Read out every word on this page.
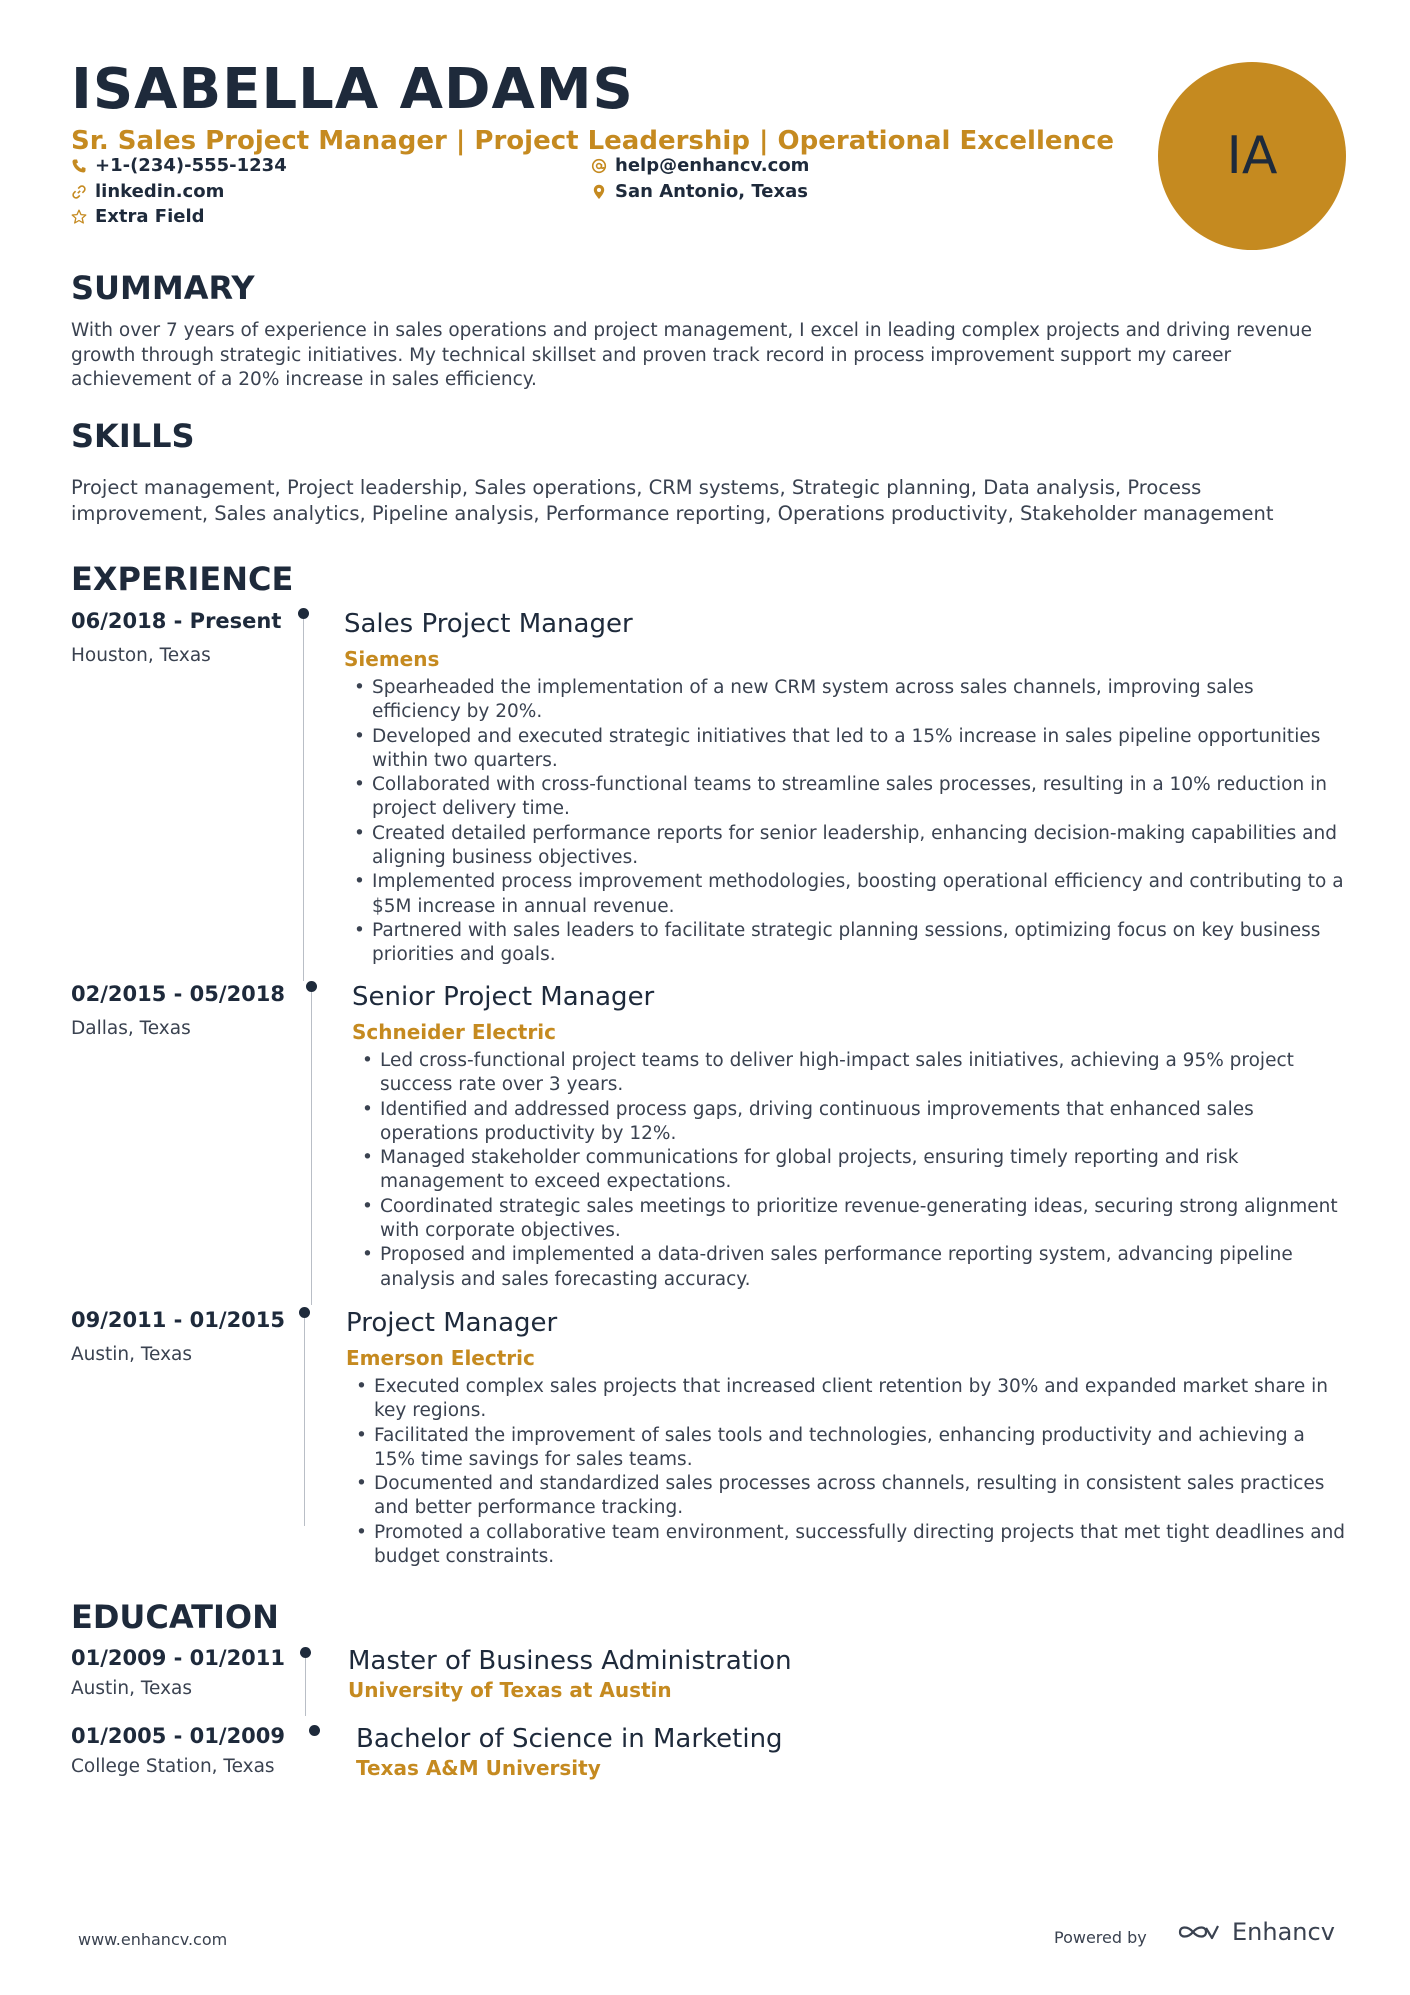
ISABELLA ADAMS
Sr. Sales Project Manager | Project Leadership | Operational Excellence
+1-(234)-555-1234	help@enhancv.com
linkedin.com	San Antonio, Texas
Extra Field
IA
SUMMARY

With over 7 years of experience in sales operations and project management, I excel in leading complex projects and driving revenue growth through strategic initiatives. My technical skillset and proven track record in process improvement support my career achievement of a 20% increase in sales efficiency.

SKILLS

Project management, Project leadership, Sales operations, CRM systems, Strategic planning, Data analysis, Process improvement, Sales analytics, Pipeline analysis, Performance reporting, Operations productivity, Stakeholder management

EXPERIENCE
06/2018 - Present
Houston, Texas
Sales Project Manager
Siemens
• Spearheaded the implementation of a new CRM system across sales channels, improving sales efficiency by 20%.
• Developed and executed strategic initiatives that led to a 15% increase in sales pipeline opportunities within two quarters.
• Collaborated with cross-functional teams to streamline sales processes, resulting in a 10% reduction in project delivery time.
• Created detailed performance reports for senior leadership, enhancing decision-making capabilities and aligning business objectives.
• Implemented process improvement methodologies, boosting operational efficiency and contributing to a $5M increase in annual revenue.
• Partnered with sales leaders to facilitate strategic planning sessions, optimizing focus on key business priorities and goals.
02/2015 - 05/2018
Dallas, Texas
Senior Project Manager
Schneider Electric
• Led cross-functional project teams to deliver high-impact sales initiatives, achieving a 95% project success rate over 3 years.
• Identified and addressed process gaps, driving continuous improvements that enhanced sales operations productivity by 12%.
• Managed stakeholder communications for global projects, ensuring timely reporting and risk management to exceed expectations.
• Coordinated strategic sales meetings to prioritize revenue-generating ideas, securing strong alignment with corporate objectives.
• Proposed and implemented a data-driven sales performance reporting system, advancing pipeline analysis and sales forecasting accuracy.
09/2011 - 01/2015
Austin, Texas
Project Manager
Emerson Electric
• Executed complex sales projects that increased client retention by 30% and expanded market share in key regions.
• Facilitated the improvement of sales tools and technologies, enhancing productivity and achieving a 15% time savings for sales teams.
• Documented and standardized sales processes across channels, resulting in consistent sales practices and better performance tracking.
• Promoted a collaborative team environment, successfully directing projects that met tight deadlines and budget constraints.
EDUCATION
01/2009 - 01/2011
Austin, Texas
Master of Business Administration
University of Texas at Austin
01/2005 - 01/2009
College Station, Texas
Bachelor of Science in Marketing
Texas A&M University
www.enhancv.com	Powered by	Enhancv
